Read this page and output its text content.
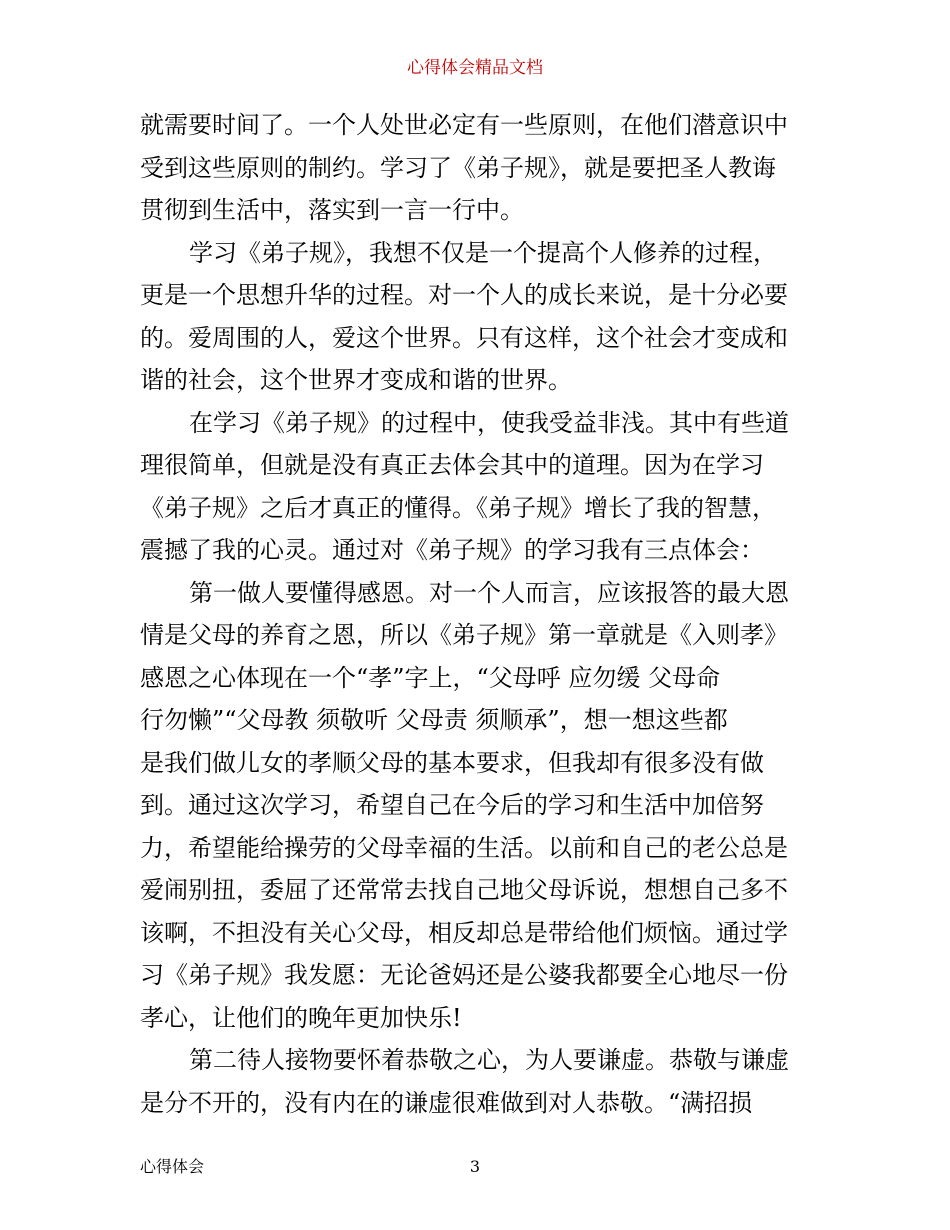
心得体会精品文档
就需要时间了。一个人处世必定有一些原则，在他们潜意识中
受到这些原则的制约。学习了《弟子规》，就是要把圣人教诲
贯彻到生活中，落实到一言一行中。
学习《弟子规》，我想不仅是一个提高个人修养的过程，
更是一个思想升华的过程。对一个人的成长来说，是十分必要
的。爱周围的人，爱这个世界。只有这样，这个社会才变成和
谐的社会，这个世界才变成和谐的世界。
在学习《弟子规》的过程中，使我受益非浅。其中有些道
理很简单，但就是没有真正去体会其中的道理。因为在学习
《弟子规》之后才真正的懂得。《弟子规》增长了我的智慧，
震撼了我的心灵。通过对《弟子规》的学习我有三点体会：
第一做人要懂得感恩。对一个人而言，应该报答的最大恩
情是父母的养育之恩，所以《弟子规》第一章就是《入则孝》
感恩之心体现在一个“孝”字上，“父母呼 应勿缓 父母命
行勿懒”“父母教 须敬听 父母责 须顺承”，想一想这些都
是我们做儿女的孝顺父母的基本要求，但我却有很多没有做
到。通过这次学习，希望自己在今后的学习和生活中加倍努
力，希望能给操劳的父母幸福的生活。以前和自己的老公总是
爱闹别扭，委屈了还常常去找自己地父母诉说，想想自己多不
该啊，不担没有关心父母，相反却总是带给他们烦恼。通过学
习《弟子规》我发愿：无论爸妈还是公婆我都要全心地尽一份
孝心，让他们的晚年更加快乐!
第二待人接物要怀着恭敬之心，为人要谦虚。恭敬与谦虚
是分不开的，没有内在的谦虚很难做到对人恭敬。“满招损
心得体会	3
